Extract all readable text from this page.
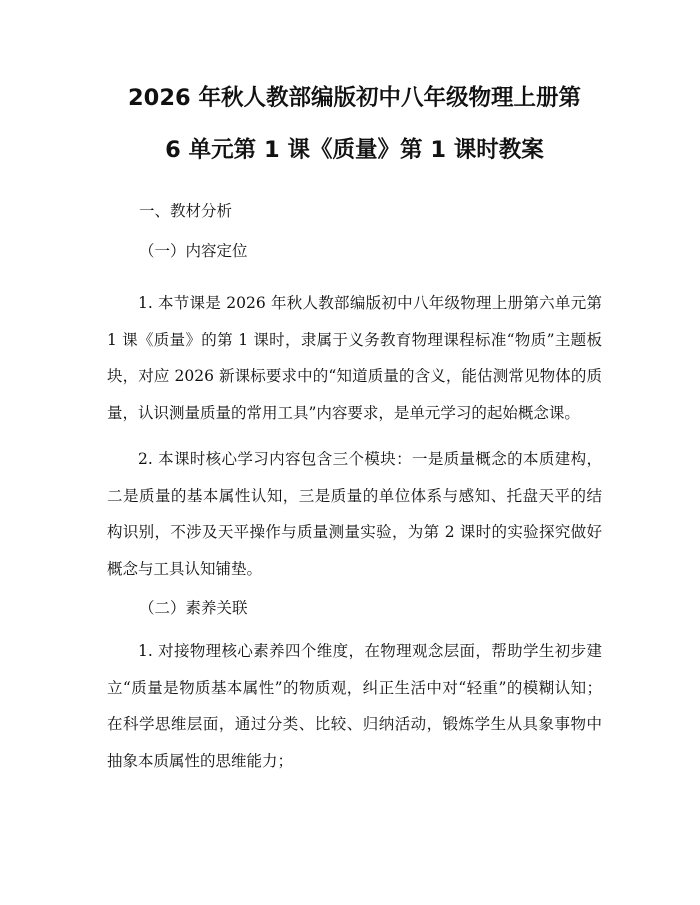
2026 年秋人教部编版初中八年级物理上册第
6 单元第 1 课《质量》第 1 课时教案

一、教材分析

（一）内容定位

1. 本节课是 2026 年秋人教部编版初中八年级物理上册第六单元第 1 课《质量》的第 1 课时，隶属于义务教育物理课程标准“物质”主题板块，对应 2026 新课标要求中的“知道质量的含义，能估测常见物体的质量，认识测量质量的常用工具”内容要求，是单元学习的起始概念课。

2. 本课时核心学习内容包含三个模块：一是质量概念的本质建构，二是质量的基本属性认知，三是质量的单位体系与感知、托盘天平的结构识别，不涉及天平操作与质量测量实验，为第 2 课时的实验探究做好概念与工具认知铺垫。

（二）素养关联

1. 对接物理核心素养四个维度，在物理观念层面，帮助学生初步建立“质量是物质基本属性”的物质观，纠正生活中对“轻重”的模糊认知；在科学思维层面，通过分类、比较、归纳活动，锻炼学生从具象事物中抽象本质属性的思维能力；
